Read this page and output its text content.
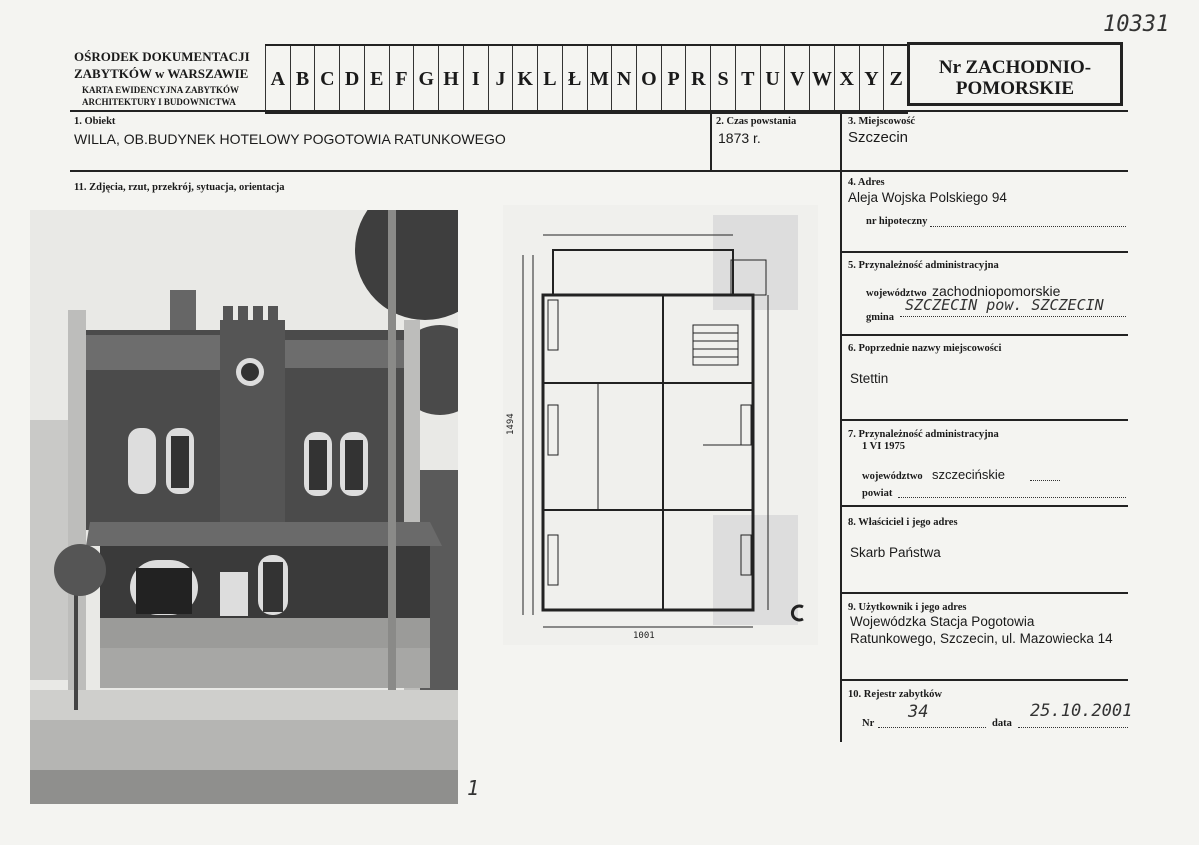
10331
OŚRODEK DOKUMENTACJI
ZABYTKÓW w WARSZAWIE
KARTA EWIDENCYJNA ZABYTKÓW
ARCHITEKTURY I BUDOWNICTWA
A B C D E F G H I J K L Ł M N O P R S T U V W X Y Z	Nr ZACHODNIO-POMORSKIE
1. Obiekt
WILLA, OB.BUDYNEK HOTELOWY POGOTOWIA RATUNKOWEGO
2. Czas powstania
1873 r.
3. Miejscowość
Szczecin
11. Zdjęcia, rzut, przekrój, sytuacja, orientacja	4. Adres
Aleja Wojska Polskiego 94
nr hipoteczny
5. Przynależność administracyjna
województwo zachodniopomorskie
gmina
SZCZECIN pow. SZCZECIN
6. Poprzednie nazwy miejscowości
Stettin
7. Przynależność administracyjna
1 VI 1975
województwo szczecińskie
powiat
8. Właściciel i jego adres
Skarb Państwa
9. Użytkownik i jego adres
Wojewódzka Stacja Pogotowia
Ratunkowego, Szczecin, ul. Mazowiecka 14
10. Rejestr zabytków
Nr
34
data
25.10.2001
1
1001
1494
